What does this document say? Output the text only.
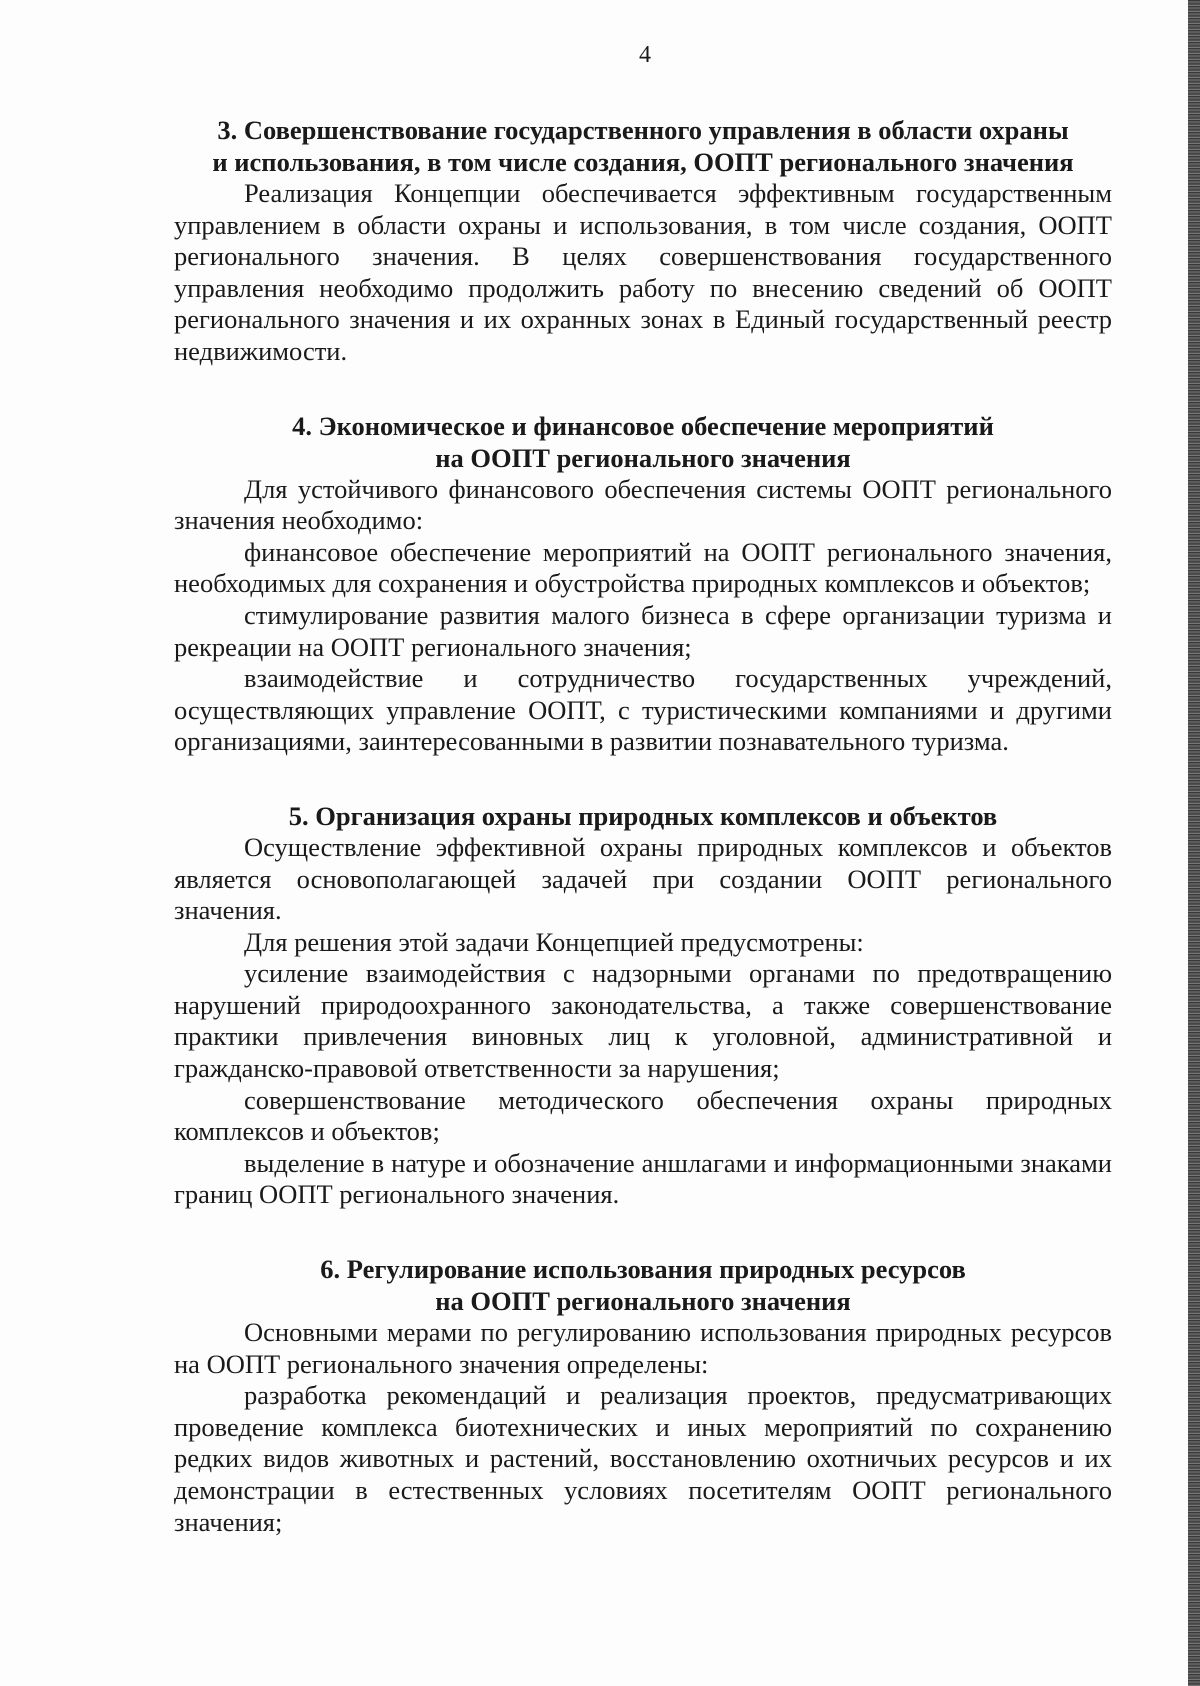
4
3. Совершенствование государственного управления в области охраны
и использования, в том числе создания, ООПТ регионального значения

Реализация Концепции обеспечивается эффективным государственным управлением в области охраны и использования, в том числе создания, ООПТ регионального значения. В целях совершенствования государственного управления необходимо продолжить работу по внесению сведений об ООПТ регионального значения и их охранных зонах в Единый государственный реестр недвижимости.

4. Экономическое и финансовое обеспечение мероприятий
на ООПТ регионального значения

Для устойчивого финансового обеспечения системы ООПТ регионального значения необходимо:

финансовое обеспечение мероприятий на ООПТ регионального значения, необходимых для сохранения и обустройства природных комплексов и объектов;

стимулирование развития малого бизнеса в сфере организации туризма и рекреации на ООПТ регионального значения;

взаимодействие и сотрудничество государственных учреждений, осуществляющих управление ООПТ, с туристическими компаниями и другими организациями, заинтересованными в развитии познавательного туризма.

5. Организация охраны природных комплексов и объектов

Осуществление эффективной охраны природных комплексов и объектов является основополагающей задачей при создании ООПТ регионального значения.

Для решения этой задачи Концепцией предусмотрены:

усиление взаимодействия с надзорными органами по предотвращению нарушений природоохранного законодательства, а также совершенствование практики привлечения виновных лиц к уголовной, административной и гражданско-правовой ответственности за нарушения;

совершенствование методического обеспечения охраны природных комплексов и объектов;

выделение в натуре и обозначение аншлагами и информационными знаками границ ООПТ регионального значения.

6. Регулирование использования природных ресурсов
на ООПТ регионального значения

Основными мерами по регулированию использования природных ресурсов на ООПТ регионального значения определены:

разработка рекомендаций и реализация проектов, предусматривающих проведение комплекса биотехнических и иных мероприятий по сохранению редких видов животных и растений, восстановлению охотничьих ресурсов и их демонстрации в естественных условиях посетителям ООПТ регионального значения;
